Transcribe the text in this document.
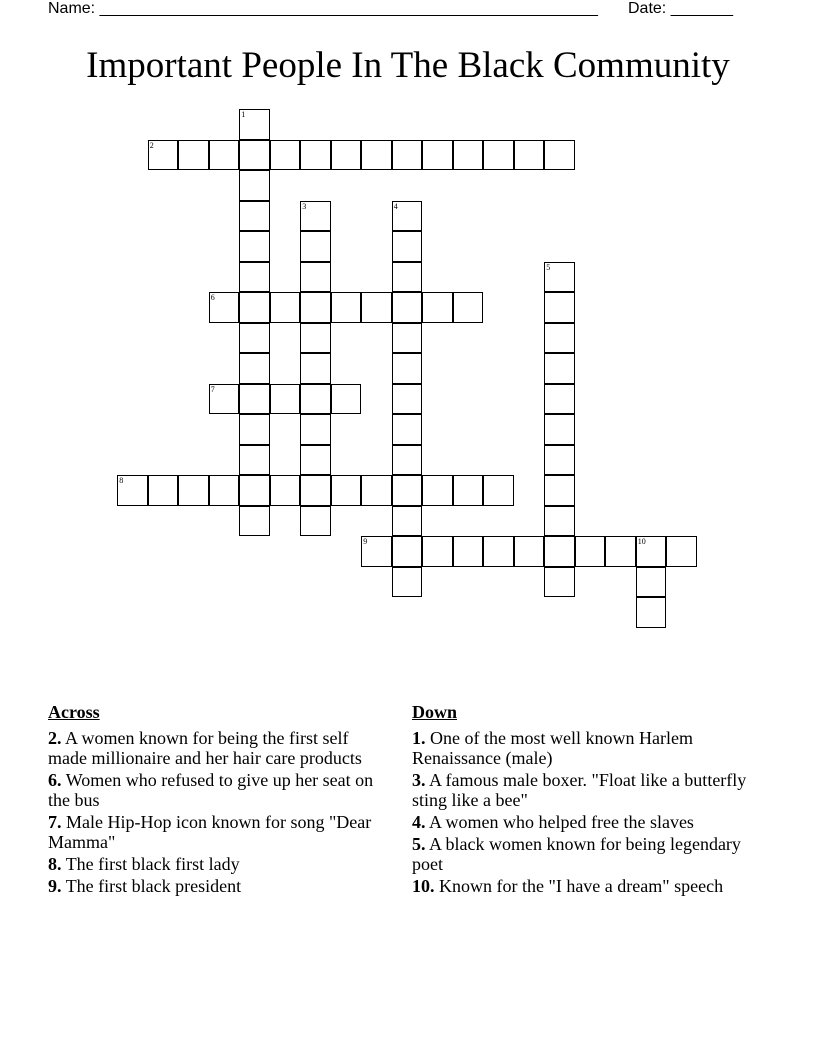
Name: ________________________________________________________

Date: _______

Important People In The Black Community
1
2
3	4
5
6
7
8
9	10
Across
2. A women known for being the first self made millionaire and her hair care products
6. Women who refused to give up her seat on the bus
7. Male Hip-Hop icon known for song "Dear Mamma"
8. The first black first lady
9. The first black president
Down
1. One of the most well known Harlem Renaissance (male)
3. A famous male boxer. "Float like a butterfly sting like a bee"
4. A women who helped free the slaves
5. A black women known for being legendary poet
10. Known for the "I have a dream" speech
